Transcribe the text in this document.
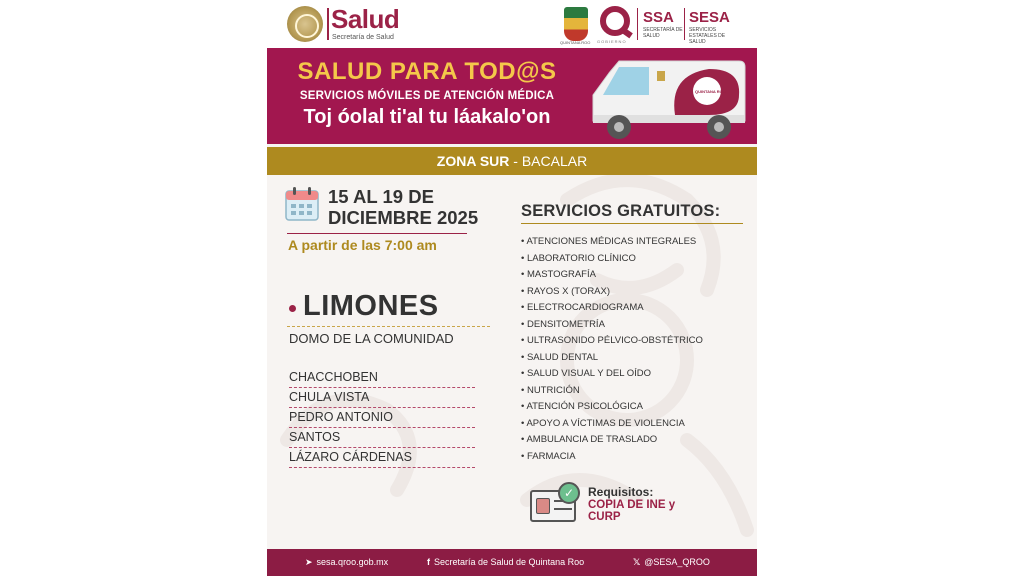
Salud
Secretaría de Salud
QUINTANA ROO GOBIERNO
SSA
SECRETARÍA DE SALUD
SESA
SERVICIOS ESTATALES DE SALUD
SALUD PARA TOD@S
SERVICIOS MÓVILES DE ATENCIÓN MÉDICA
Toj óolal ti'al tu láakalo'on
QUINTANA ROO
ZONA SUR - BACALAR
15 AL 19 DE DICIEMBRE 2025
A partir de las 7:00 am
LIMONES
DOMO DE LA COMUNIDAD
CHACCHOBEN
CHULA VISTA
PEDRO ANTONIO
SANTOS
LÁZARO CÁRDENAS
SERVICIOS GRATUITOS:
• ATENCIONES MÉDICAS INTEGRALES
• LABORATORIO CLÍNICO
• MASTOGRAFÍA
• RAYOS X (TORAX)
• ELECTROCARDIOGRAMA
• DENSITOMETRÍA
• ULTRASONIDO PÉLVICO-OBSTÉTRICO
• SALUD DENTAL
• SALUD VISUAL Y DEL OÍDO
• NUTRICIÓN
• ATENCIÓN PSICOLÓGICA
• APOYO A VÍCTIMAS DE VIOLENCIA
• AMBULANCIA DE TRASLADO
• FARMACIA
✓	Requisitos:
COPIA DE INE y CURP
➤ sesa.qroo.gob.mx	f Secretaría de Salud de Quintana Roo	𝕏 @SESA_QROO
